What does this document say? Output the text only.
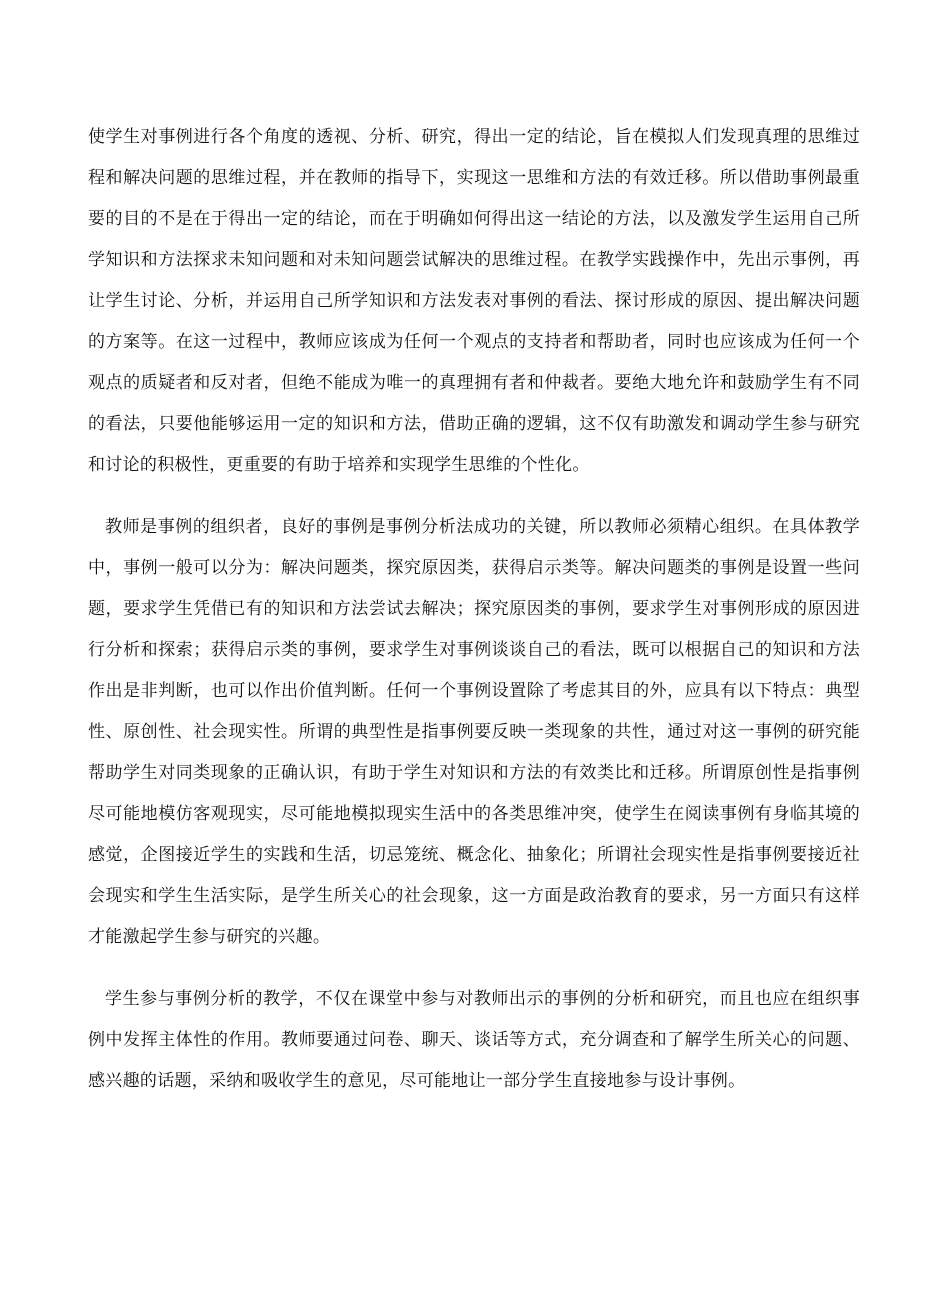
使学生对事例进行各个角度的透视、分析、研究，得出一定的结论，旨在模拟人们发现真理的思维过程和解决问题的思维过程，并在教师的指导下，实现这一思维和方法的有效迁移。所以借助事例最重要的目的不是在于得出一定的结论，而在于明确如何得出这一结论的方法，以及激发学生运用自己所学知识和方法探求未知问题和对未知问题尝试解决的思维过程。在教学实践操作中，先出示事例，再让学生讨论、分析，并运用自己所学知识和方法发表对事例的看法、探讨形成的原因、提出解决问题的方案等。在这一过程中，教师应该成为任何一个观点的支持者和帮助者，同时也应该成为任何一个观点的质疑者和反对者，但绝不能成为唯一的真理拥有者和仲裁者。要绝大地允许和鼓励学生有不同的看法，只要他能够运用一定的知识和方法，借助正确的逻辑，这不仅有助激发和调动学生参与研究和讨论的积极性，更重要的有助于培养和实现学生思维的个性化。

教师是事例的组织者，良好的事例是事例分析法成功的关键，所以教师必须精心组织。在具体教学中，事例一般可以分为：解决问题类，探究原因类，获得启示类等。解决问题类的事例是设置一些问题，要求学生凭借已有的知识和方法尝试去解决；探究原因类的事例，要求学生对事例形成的原因进行分析和探索；获得启示类的事例，要求学生对事例谈谈自己的看法，既可以根据自己的知识和方法作出是非判断，也可以作出价值判断。任何一个事例设置除了考虑其目的外，应具有以下特点：典型性、原创性、社会现实性。所谓的典型性是指事例要反映一类现象的共性，通过对这一事例的研究能帮助学生对同类现象的正确认识，有助于学生对知识和方法的有效类比和迁移。所谓原创性是指事例尽可能地模仿客观现实，尽可能地模拟现实生活中的各类思维冲突，使学生在阅读事例有身临其境的感觉，企图接近学生的实践和生活，切忌笼统、概念化、抽象化；所谓社会现实性是指事例要接近社会现实和学生生活实际，是学生所关心的社会现象，这一方面是政治教育的要求，另一方面只有这样才能激起学生参与研究的兴趣。

学生参与事例分析的教学，不仅在课堂中参与对教师出示的事例的分析和研究，而且也应在组织事例中发挥主体性的作用。教师要通过问卷、聊天、谈话等方式，充分调查和了解学生所关心的问题、感兴趣的话题，采纳和吸收学生的意见，尽可能地让一部分学生直接地参与设计事例。
